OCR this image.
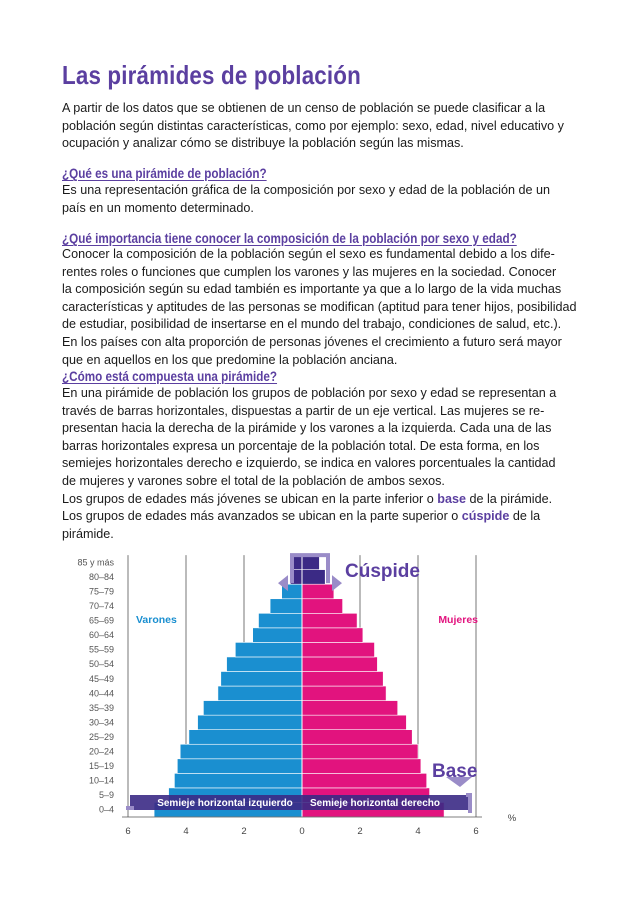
Las pirámides de población

A partir de los datos que se obtienen de un censo de población se puede clasificar a la

población según distintas características, como por ejemplo: sexo, edad, nivel educativo y

ocupación y analizar cómo se distribuye la población según las mismas.

¿Qué es una pirámide de población?

Es una representación gráfica de la composición por sexo y edad de la población de un

país en un momento determinado.

¿Qué importancia tiene conocer la composición de la población por sexo y edad?

Conocer la composición de la población según el sexo es fundamental debido a los dife-

rentes roles o funciones que cumplen los varones y las mujeres en la sociedad. Conocer

la composición según su edad también es importante ya que a lo largo de la vida muchas

características y aptitudes de las personas se modifican (aptitud para tener hijos, posibilidad

de estudiar, posibilidad de insertarse en el mundo del trabajo, condiciones de salud, etc.).

En los países con alta proporción de personas jóvenes el crecimiento a futuro será mayor

que en aquellos en los que predomine la población anciana.

¿Cómo está compuesta una pirámide?

En una pirámide de población los grupos de población por sexo y edad se representan a

través de barras horizontales, dispuestas a partir de un eje vertical. Las mujeres se re-

presentan hacia la derecha de la pirámide y los varones a la izquierda. Cada una de las

barras horizontales expresa un porcentaje de la población total. De esta forma, en los

semiejes horizontales derecho e izquierdo, se indica en valores porcentuales la cantidad

de mujeres y varones sobre el total de la población de ambos sexos.

Los grupos de edades más jóvenes se ubican en la parte inferior o base de la pirámide.

Los grupos de edades más avanzados se ubican en la parte superior o cúspide de la

pirámide.

0–4
5–9
10–14
15–19
20–24
25–29
30–34
35–39
40–44
45–49
50–54
55–59
60–64
65–69
70–74
75–79
80–84
85 y más
Semieje horizontal izquierdo Semieje horizontal derecho
Cúspide
Base
Varones	Mujeres
6	4	2	0	2	4	6
%
